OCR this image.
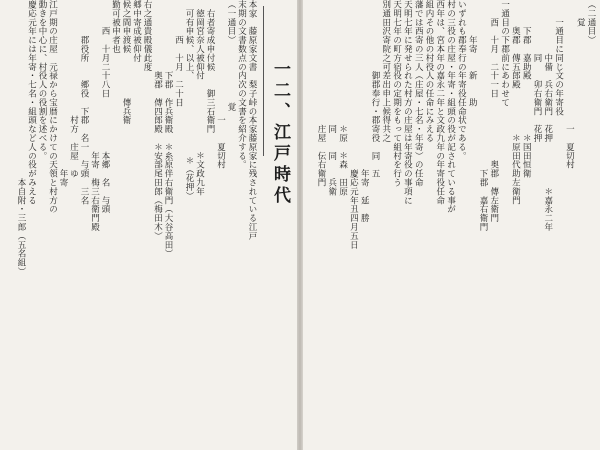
一二、江戸時代
本家　藤原家文書　梨子峠の本家藤原家に残されている江戸
末期の文書数点の内次の文書を紹介する。
（一通目）　　　　　　　覚
　　　　　　　　　　　　　一　　夏切村
　右者寄成申付候　　御三石衛門
　徳岡宮奈人被仰付　　　　　　　　＊文政九年
　可有申候、以上、　　　　　　　　　＊（花押）
　　　　西　十月　二十日
　　　　　　　　下郡　作兵衛殿　＊糸原伴右衛門（大谷高田）
　　　　　　　　奥郡　傳四郎殿　＊安部尾田郎（梅田木）
右之通貴殿儀此度
郷中寄成被仰付
候之間申渡候　　　　　傳兵衛
勤可被申者也
　　　西　十月二十八日　　　　　　本郷　名　与頭
　　　　　　　　　　　　　　　　　年寄　梅三右衛門殿
　　　　郡役所　　郷役　下郡　名一　与頭　三名
　　　　　　　　　　　　　村方　庄屋　ゆ
　　　　　　　　　　　　　　　　　　　年寄
江戸期の庄屋　元禄から宝暦にかけての天領と村方の
動きを中心に、村役人の役割を述べる。
慶応元年には年寄・七名・組頭など人の役がみえる
　　　　　　　　　　　　　　　　　　　　本自附・三郎（五名組）	（二通目）
　　覚
　　　　　　　　　　　　　　一　夏切村
　　一通目に同じ文の年寄役
　　　　　　中備　兵右衛門　花押　　　　　＊嘉永二年
　　　　　　同　　卯右衛門　花押
　　　下郡　嘉助殿　　　　　　＊国田恒衛
　　　奥郡　傳五郎殿　　　　　＊原田代助左衛門
一通目の下郡前にあわせて
　　酉　十月　二十一日　　　　　　　奥郡　傳左衛門
　　　　　　　　　　　　　　　　　　　下郡　嘉右衛門
　　　　年寄　　新　　助
いずれも郡奉行の年寄役任命状である。
村の三役の庄屋・年寄・組頭の役が記されている事が
西年は、宮本年の嘉永二年と文政九年の年寄役任命
組内その他の村役人の任命にみえる
藩では西寄の三人（庄屋・七名・年寄）の任命
天明七年に発せられた村方の庄屋は年寄役の事項に
天明七年の町方宿役の定期をもって組村を行う
別通田沢寄院之可差出申上候得共之
　　　　　　　　御郡奉行・郡寄役　同　五
　　　　　　　　　　　　　　　　　　　年寄　延　勝
　　　　　　　　　　　　　　　　　　　慶応元年丑四月五日
　　　　　　　　　　　　　　＊原　＊森　田原
　　　　　　　　　　　　　　同　　同　　兵衛
　　　　　　　　　　　　　　庄屋　伝右衛門
